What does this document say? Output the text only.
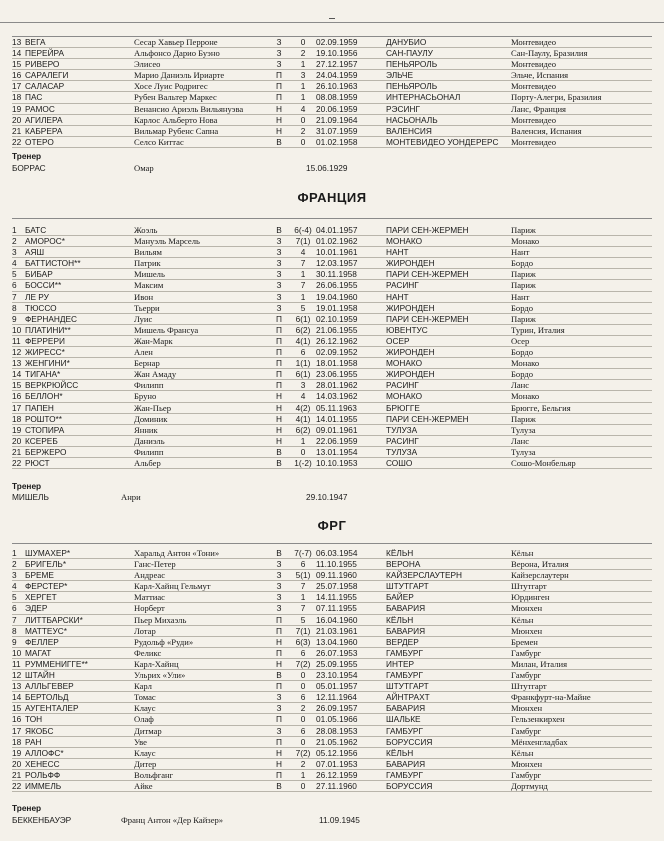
13 ВЕГА	Сесар Хавьер Перроне	З	0	02.09.1959	ДАНУБИО	Монтевидео
14 ПЕРЕЙРА	Альфонсо Дарио Буэно	З	2	19.10.1956	САН-ПАУЛУ	Сан-Паулу, Бразилия
15 РИВЕРО	Элисео	З	1	27.12.1957	ПЕНЬЯРОЛЬ	Монтевидео
16 САРАЛЕГИ	Марио Даниэль Ириарте	П	3	24.04.1959	ЭЛЬЧЕ	Эльче, Испания
17 САЛАСАР	Хосе Луис Родригес	П	1	26.10.1963	ПЕНЬЯРОЛЬ	Монтевидео
18 ПАС	Рубен Вальтер Маркес	П	1	08.08.1959	ИНТЕРНАСЬОНАЛ	Порту-Алегри, Бразилия
19 РАМОС	Венансио Ариэль Вильянуэва	Н	4	20.06.1959	РЭСИНГ	Ланс, Франция
20 АГИЛЕРА	Карлос Альберто Нова	Н	0	21.09.1964	НАСЬОНАЛЬ	Монтевидео
21 КАБРЕРА	Вильмар Рубенс Сапна	Н	2	31.07.1959	ВАЛЕНСИЯ	Валенсия, Испания
22 ОТЕРО	Селсо Киттас	В	0	01.02.1958	МОНТЕВИДЕО УОНДЕРЕРС	Монтевидео
Тренер
БОРРАС	Омар	15.06.1929
ФРАНЦИЯ
1	БАТС	Жоэль	В	6(-4) 04.01.1957	ПАРИ СЕН-ЖЕРМЕН	Париж
2	АМОРОС*	Мануэль Марсель	З	7(1) 01.02.1962	МОНАКО	Монако
3	АЯШ	Вильям	З	4	10.01.1961	НАНТ	Нант
4	БАТТИСТОН**	Патрик	З	7	12.03.1957	ЖИРОНДЕН	Бордо
5	БИБАР	Мишель	З	1	30.11.1958	ПАРИ СЕН-ЖЕРМЕН	Париж
6	БОССИ**	Максим	З	7	26.06.1955	РАСИНГ	Париж
7	ЛЕ РУ	Ивон	З	1	19.04.1960	НАНТ	Нант
8	ТЮССО	Тьерри	З	5	19.01.1958	ЖИРОНДЕН	Бордо
9	ФЕРНАНДЕС	Луис	П	6(1) 02.10.1959	ПАРИ СЕН-ЖЕРМЕН	Париж
10 ПЛАТИНИ**	Мишель Франсуа	П	6(2) 21.06.1955	ЮВЕНТУС	Турин, Италия
11 ФЕРРЕРИ	Жан-Марк	П	4(1) 26.12.1962	ОСЕР	Осер
12 ЖИРЕСС*	Ален	П	6	02.09.1952	ЖИРОНДЕН	Бордо
13 ЖЕНГИНИ*	Бернар	П	1(1) 18.01.1958	МОНАКО	Монако
14 ТИГАНА*	Жан Амаду	П	6(1) 23.06.1955	ЖИРОНДЕН	Бордо
15 ВЕРКРЮЙСС	Филипп	П	3	28.01.1962	РАСИНГ	Ланс
16 БЕЛЛОН*	Бруно	Н	4	14.03.1962	МОНАКО	Монако
17 ПАПЕН	Жан-Пьер	Н	4(2) 05.11.1963	БРЮГГЕ	Брюгге, Бельгия
18 РОШТО**	Доминик	Н	4(1) 14.01.1955	ПАРИ СЕН-ЖЕРМЕН	Париж
19 СТОПИРА	Янник	Н	6(2) 09.01.1961	ТУЛУЗА	Тулуза
20 КСЕРЕБ	Даниэль	Н	1	22.06.1959	РАСИНГ	Ланс
21 БЕРЖЕРО	Филипп	В	0	13.01.1954	ТУЛУЗА	Тулуза
22 РЮСТ	Альбер	В	1(-2) 10.10.1953	СОШО	Сошо-Монбельяр
Тренер
МИШЕЛЬ	Анри	29.10.1947
ФРГ
1	ШУМАХЕР*	Харальд Антон «Тони»	В	7(-7) 06.03.1954	КЁЛЬН	Кёльн
2	БРИГЕЛЬ*	Ганс-Петер	З	6	11.10.1955	ВЕРОНА	Верона, Италия
3	БРЕМЕ	Андреас	З	5(1) 09.11.1960	КАЙЗЕРСЛАУТЕРН	Кайзерслаутерн
4	ФЕРСТЕР*	Карл-Хайнц Гельмут	З	7	25.07.1958	ШТУТГАРТ	Штутгарт
5	ХЕРГЕТ	Маттиас	З	1	14.11.1955	БАЙЕР	Юрдинген
6	ЭДЕР	Норберт	З	7	07.11.1955	БАВАРИЯ	Мюнхен
7	ЛИТТБАРСКИ*	Пьер Михаэль	П	5	16.04.1960	КЁЛЬН	Кёльн
8	МАТТЕУС*	Лотар	П	7(1) 21.03.1961	БАВАРИЯ	Мюнхен
9	ФЕЛЛЕР	Рудольф «Руди»	Н	6(3) 13.04.1960	ВЕРДЕР	Бремен
10 МАГАТ	Феликс	П	6	26.07.1953	ГАМБУРГ	Гамбург
11 РУММЕНИГГЕ**	Карл-Хайнц	Н	7(2) 25.09.1955	ИНТЕР	Милан, Италия
12 ШТАЙН	Ульрих «Ули»	В	0	23.10.1954	ГАМБУРГ	Гамбург
13 АЛЛЬГЕВЕР	Карл	П	0	05.01.1957	ШТУТГАРТ	Штутгарт
14 БЕРТОЛЬД	Томас	З	6	12.11.1964	АЙНТРАХТ	Франкфурт-на-Майне
15 АУГЕНТАЛЕР	Клаус	З	2	26.09.1957	БАВАРИЯ	Мюнхен
16 ТОН	Олаф	П	0	01.05.1966	ШАЛЬКЕ	Гельзенкирхен
17 ЯКОБС	Дитмар	З	6	28.08.1953	ГАМБУРГ	Гамбург
18 РАН	Уве	П	0	21.05.1962	БОРУССИЯ	Мёнхенгладбах
19 АЛЛОФС*	Клаус	Н	7(2) 05.12.1956	КЁЛЬН	Кёльн
20 ХЕНЕСС	Дитер	Н	2	07.01.1953	БАВАРИЯ	Мюнхен
21 РОЛЬФФ	Вольфганг	П	1	26.12.1959	ГАМБУРГ	Гамбург
22 ИММЕЛЬ	Айке	В	0	27.11.1960	БОРУССИЯ	Дортмунд
Тренер
БЕККЕНБАУЭР	Франц Антон «Дер Кайзер»	11.09.1945
